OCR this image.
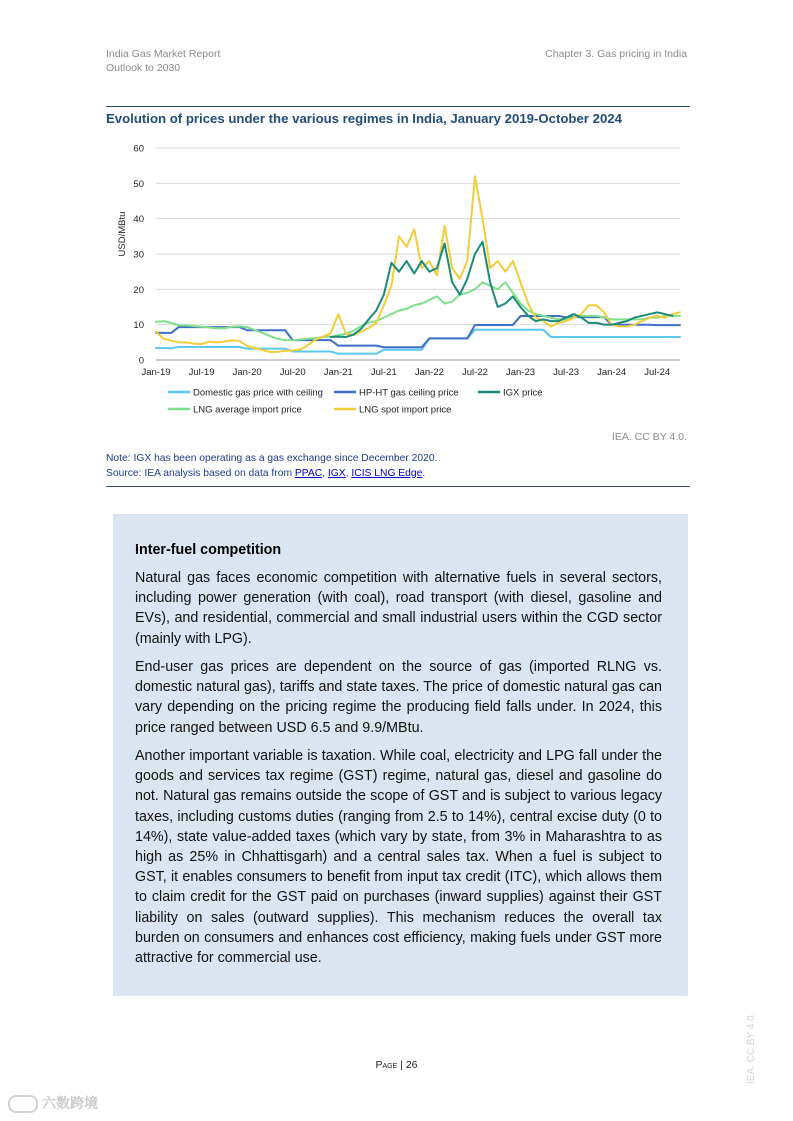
India Gas Market Report
Outlook to 2030
Chapter 3. Gas pricing in India
Evolution of prices under the various regimes in India, January 2019-October 2024
0
10
20
30
40
50
60
USD/MBtu
Jan-19 Jul-19 Jan-20 Jul-20 Jan-21 Jul-21 Jan-22 Jul-22 Jan-23 Jul-23 Jan-24 Jul-24
Domestic gas price with ceiling	HP-HT gas ceiling price	IGX price
LNG average import price	LNG spot import price
IEA. CC BY 4.0.
Note: IGX has been operating as a gas exchange since December 2020.
Source: IEA analysis based on data from PPAC, IGX, ICIS LNG Edge.
Inter-fuel competition

Natural gas faces economic competition with alternative fuels in several sectors, including power generation (with coal), road transport (with diesel, gasoline and EVs), and residential, commercial and small industrial users within the CGD sector (mainly with LPG).

End-user gas prices are dependent on the source of gas (imported RLNG vs. domestic natural gas), tariffs and state taxes. The price of domestic natural gas can vary depending on the pricing regime the producing field falls under. In 2024, this price ranged between USD 6.5 and 9.9/MBtu.

Another important variable is taxation. While coal, electricity and LPG fall under the goods and services tax regime (GST) regime, natural gas, diesel and gasoline do not. Natural gas remains outside the scope of GST and is subject to various legacy taxes, including customs duties (ranging from 2.5 to 14%), central excise duty (0 to 14%), state value-added taxes (which vary by state, from 3% in Maharashtra to as high as 25% in Chhattisgarh) and a central sales tax. When a fuel is subject to GST, it enables consumers to benefit from input tax credit (ITC), which allows them to claim credit for the GST paid on purchases (inward supplies) against their GST liability on sales (outward supplies). This mechanism reduces the overall tax burden on consumers and enhances cost efficiency, making fuels under GST more attractive for commercial use.

Page | 26	IEA. CC BY 4.0.
六数跨境
